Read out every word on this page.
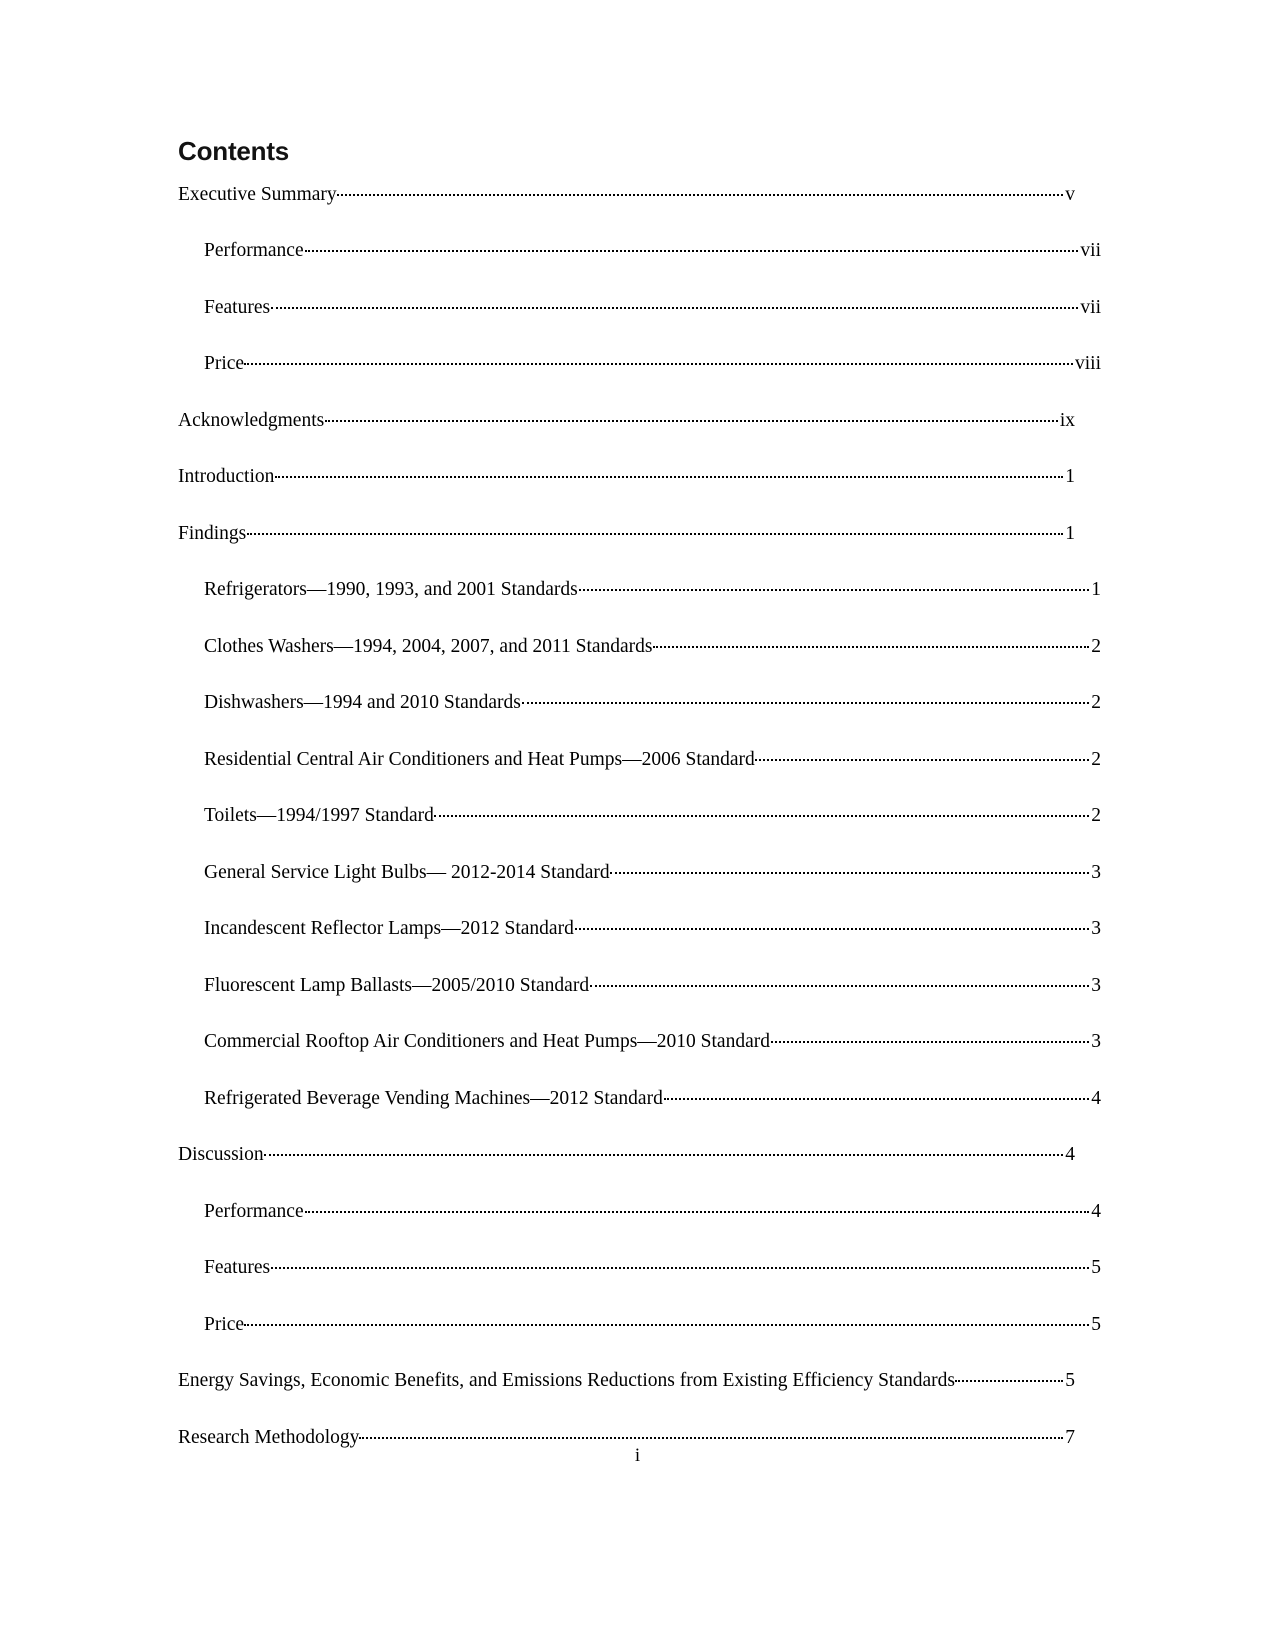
Contents
Executive Summary	v
Performance	vii
Features	vii
Price	viii
Acknowledgments	ix
Introduction	1
Findings	1
Refrigerators—1990, 1993, and 2001 Standards	1
Clothes Washers—1994, 2004, 2007, and 2011 Standards	2
Dishwashers—1994 and 2010 Standards	2
Residential Central Air Conditioners and Heat Pumps—2006 Standard	2
Toilets—1994/1997 Standard	2
General Service Light Bulbs— 2012-2014 Standard	3
Incandescent Reflector Lamps—2012 Standard	3
Fluorescent Lamp Ballasts—2005/2010 Standard	3
Commercial Rooftop Air Conditioners and Heat Pumps—2010 Standard	3
Refrigerated Beverage Vending Machines—2012 Standard	4
Discussion	4
Performance	4
Features	5
Price	5
Energy Savings, Economic Benefits, and Emissions Reductions from Existing Efficiency Standards	5
Research Methodology	7
i
